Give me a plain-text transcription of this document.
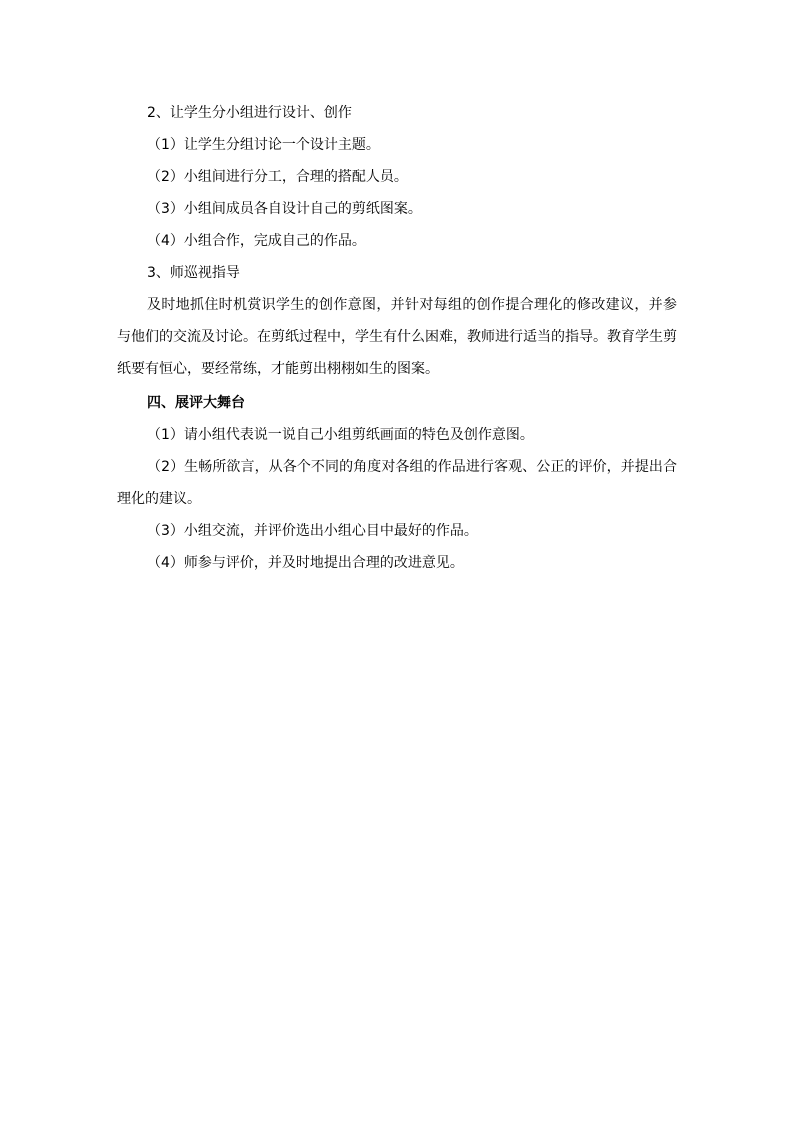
2、让学生分小组进行设计、创作

（1）让学生分组讨论一个设计主题。

（2）小组间进行分工，合理的搭配人员。

（3）小组间成员各自设计自己的剪纸图案。

（4）小组合作，完成自己的作品。

3、师巡视指导

及时地抓住时机赏识学生的创作意图，并针对每组的创作提合理化的修改建议，并参与他们的交流及讨论。在剪纸过程中，学生有什么困难，教师进行适当的指导。教育学生剪纸要有恒心，要经常练，才能剪出栩栩如生的图案。

四、展评大舞台

（1）请小组代表说一说自己小组剪纸画面的特色及创作意图。

（2）生畅所欲言，从各个不同的角度对各组的作品进行客观、公正的评价，并提出合理化的建议。

（3）小组交流，并评价选出小组心目中最好的作品。

（4）师参与评价，并及时地提出合理的改进意见。
